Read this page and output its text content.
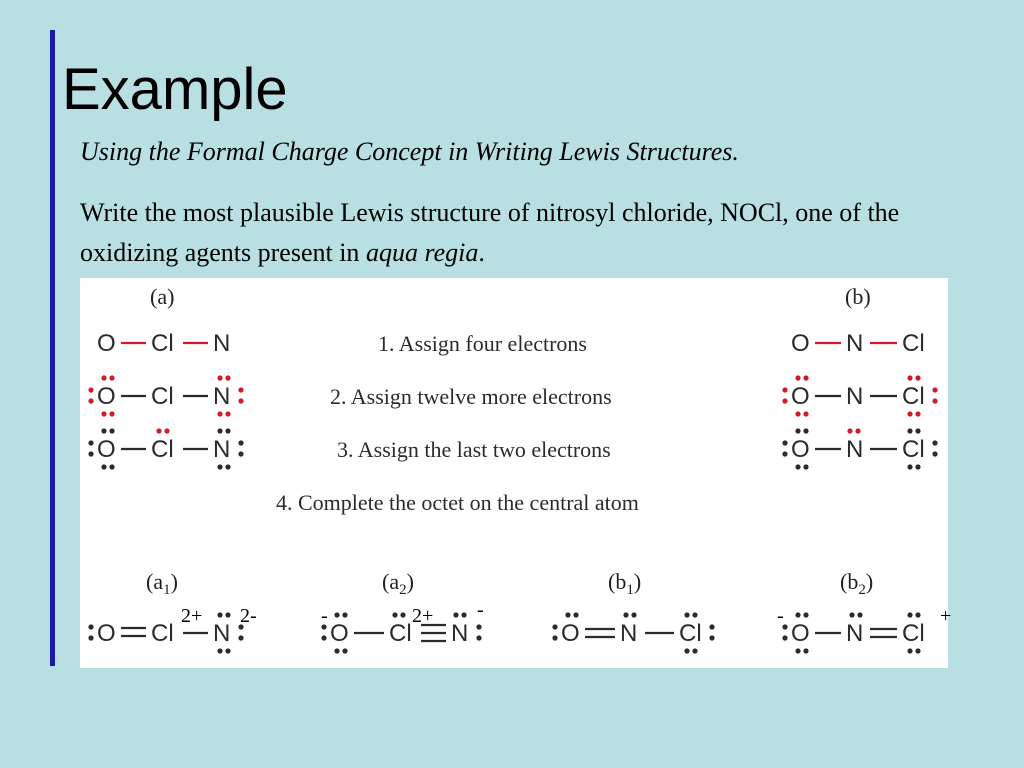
Example
Using the Formal Charge Concept in Writing Lewis Structures.
Write the most plausible Lewis structure of nitrosyl chloride, NOCl, one of the oxidizing agents present in aqua regia.
(a)	(b)
1. Assign four electrons
2. Assign twelve more electrons
3. Assign the last two electrons
4. Complete the octet on the central atom
O Cl N
O Cl N
O Cl N
O N Cl
O N Cl
O N Cl
$(a_1)$	$(a_2)$	$(b_1)$	$(b_2)$
O Cl N
2+ 2-
O Cl N
-	2+ -
O N Cl	O N Cl
-	+
